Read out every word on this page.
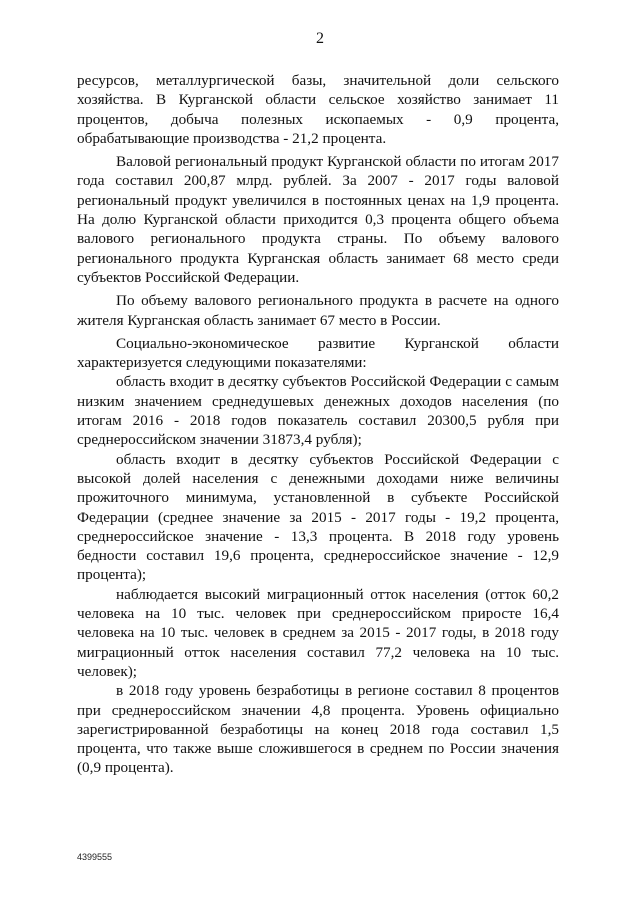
2

ресурсов, металлургической базы, значительной доли сельского хозяйства. В Курганской области сельское хозяйство занимает 11 процентов, добыча полезных ископаемых - 0,9 процента, обрабатывающие производства - 21,2 процента.

Валовой региональный продукт Курганской области по итогам 2017 года составил 200,87 млрд. рублей. За 2007 - 2017 годы валовой региональный продукт увеличился в постоянных ценах на 1,9 процента. На долю Курганской области приходится 0,3 процента общего объема валового регионального продукта страны. По объему валового регионального продукта Курганская область занимает 68 место среди субъектов Российской Федерации.

По объему валового регионального продукта в расчете на одного жителя Курганская область занимает 67 место в России.

Социально-экономическое развитие Курганской области характеризуется следующими показателями:

область входит в десятку субъектов Российской Федерации с самым низким значением среднедушевых денежных доходов населения (по итогам 2016 - 2018 годов показатель составил 20300,5 рубля при среднероссийском значении 31873,4 рубля);

область входит в десятку субъектов Российской Федерации с высокой долей населения с денежными доходами ниже величины прожиточного минимума, установленной в субъекте Российской Федерации (среднее значение за 2015 - 2017 годы - 19,2 процента, среднероссийское значение - 13,3 процента. В 2018 году уровень бедности составил 19,6 процента, среднероссийское значение - 12,9 процента);

наблюдается высокий миграционный отток населения (отток 60,2 человека на 10 тыс. человек при среднероссийском приросте 16,4 человека на 10 тыс. человек в среднем за 2015 - 2017 годы, в 2018 году миграционный отток населения составил 77,2 человека на 10 тыс. человек);

в 2018 году уровень безработицы в регионе составил 8 процентов при среднероссийском значении 4,8 процента. Уровень официально зарегистрированной безработицы на конец 2018 года составил 1,5 процента, что также выше сложившегося в среднем по России значения (0,9 процента).

4399555
